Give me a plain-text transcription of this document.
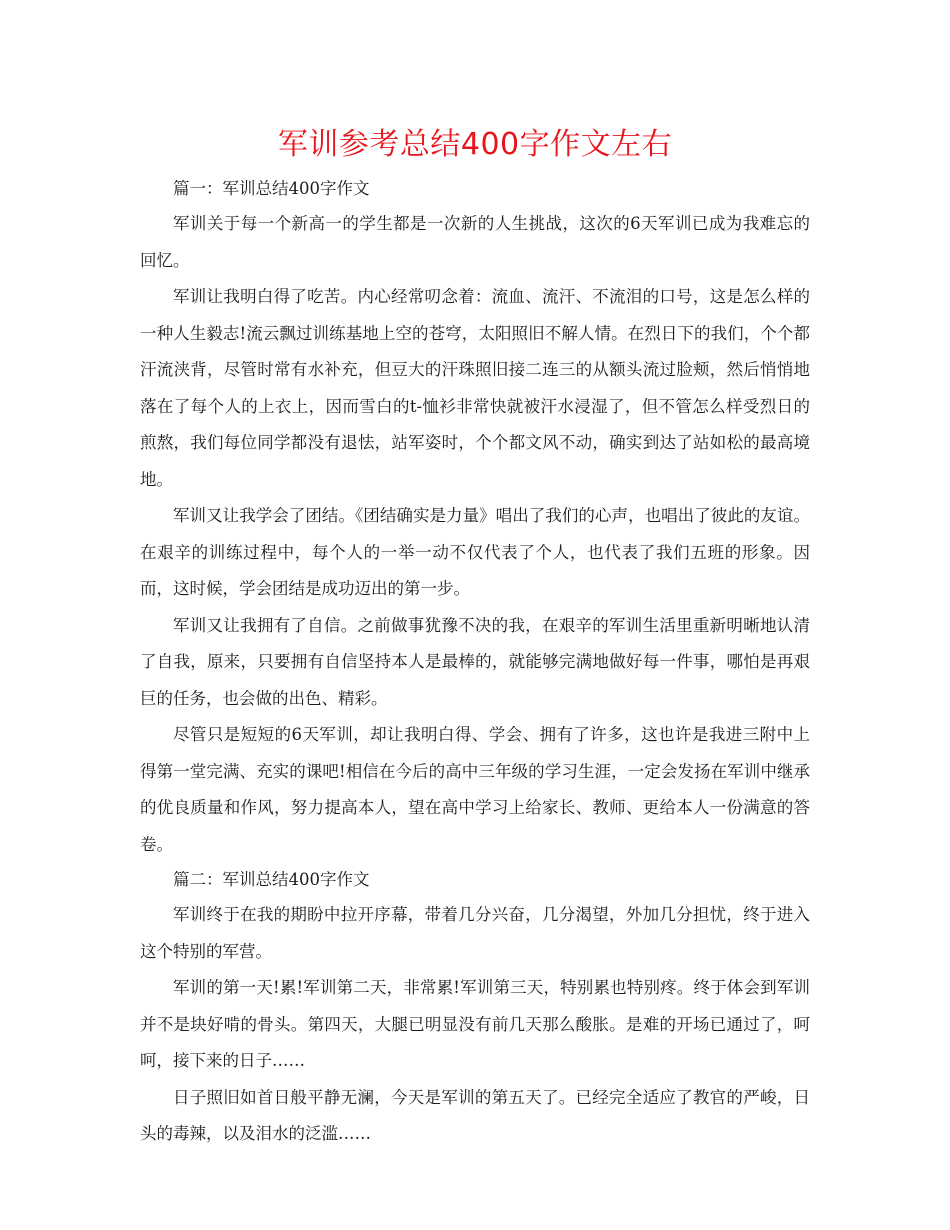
军训参考总结400字作文左右

篇一：军训总结400字作文

军训关于每一个新高一的学生都是一次新的人生挑战，这次的6天军训已成为我难忘的回忆。

军训让我明白得了吃苦。内心经常叨念着：流血、流汗、不流泪的口号，这是怎么样的一种人生毅志!流云飘过训练基地上空的苍穹，太阳照旧不解人情。在烈日下的我们，个个都汗流浃背，尽管时常有水补充，但豆大的汗珠照旧接二连三的从额头流过脸颊，然后悄悄地落在了每个人的上衣上，因而雪白的t-恤衫非常快就被汗水浸湿了，但不管怎么样受烈日的煎熬，我们每位同学都没有退怯，站军姿时，个个都文风不动，确实到达了站如松的最高境地。

军训又让我学会了团结。《团结确实是力量》唱出了我们的心声，也唱出了彼此的友谊。在艰辛的训练过程中，每个人的一举一动不仅代表了个人，也代表了我们五班的形象。因而，这时候，学会团结是成功迈出的第一步。

军训又让我拥有了自信。之前做事犹豫不决的我，在艰辛的军训生活里重新明晰地认清了自我，原来，只要拥有自信坚持本人是最棒的，就能够完满地做好每一件事，哪怕是再艰巨的任务，也会做的出色、精彩。

尽管只是短短的6天军训，却让我明白得、学会、拥有了许多，这也许是我进三附中上得第一堂完满、充实的课吧!相信在今后的高中三年级的学习生涯，一定会发扬在军训中继承的优良质量和作风，努力提高本人，望在高中学习上给家长、教师、更给本人一份满意的答卷。

篇二：军训总结400字作文

军训终于在我的期盼中拉开序幕，带着几分兴奋，几分渴望，外加几分担忧，终于进入这个特别的军营。

军训的第一天!累!军训第二天，非常累!军训第三天，特别累也特别疼。终于体会到军训并不是块好啃的骨头。第四天，大腿已明显没有前几天那么酸胀。是难的开场已通过了，呵呵，接下来的日子……

日子照旧如首日般平静无澜，今天是军训的第五天了。已经完全适应了教官的严峻，日头的毒辣，以及泪水的泛滥……
